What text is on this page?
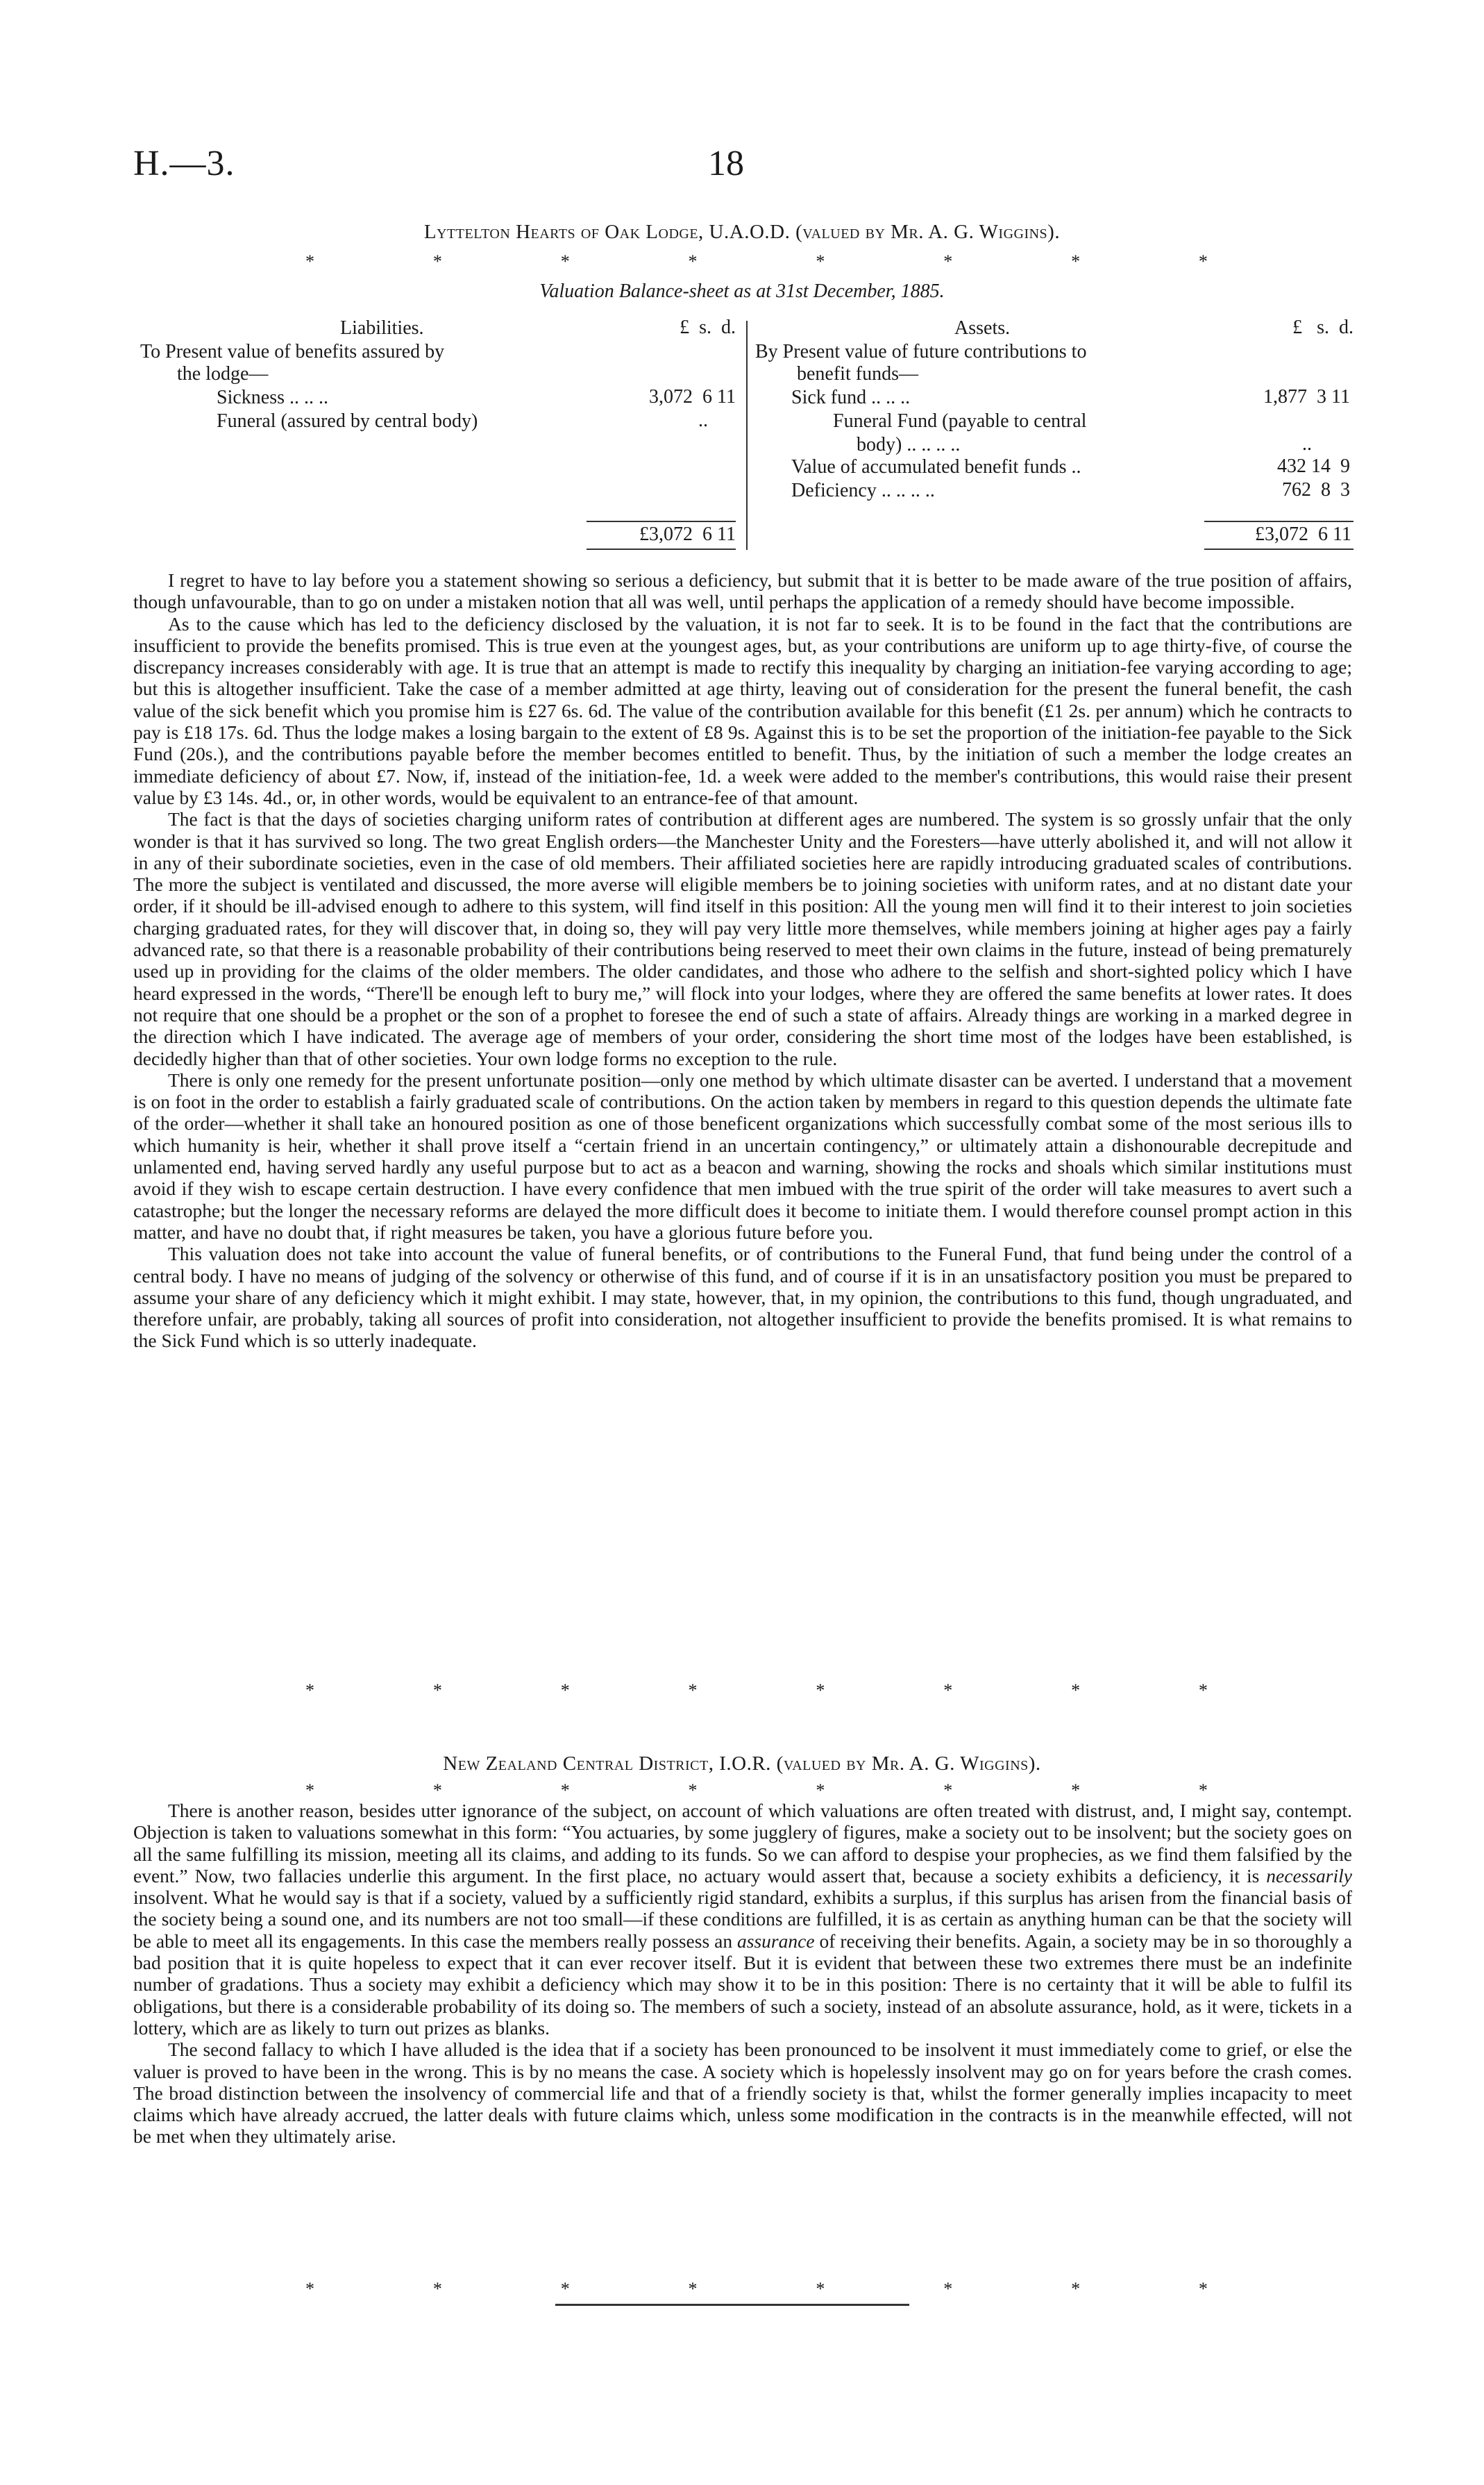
H.—3.	18
Lyttelton Hearts of Oak Lodge, U.A.O.D. (valued by Mr. A. G. Wiggins).
*	*	*	*	*	*	*	*
Valuation Balance-sheet as at 31st December, 1885.
Liabilities.	£  s.  d.
To Present value of benefits assured by
the lodge—
Sickness .. .. ..	3,072  6 11
Funeral (assured by central body)	..
£3,072  6 11
Assets.	£   s.  d.
By Present value of future contributions to
benefit funds—
Sick fund .. .. ..	1,877  3 11
Funeral Fund (payable to central
body) .. .. .. ..	..
Value of accumulated benefit funds ..	432 14  9
Deficiency .. .. .. ..	762  8  3
£3,072  6 11

I regret to have to lay before you a statement showing so serious a deficiency, but submit that it is better to be made aware of the true position of affairs, though unfavourable, than to go on under a mistaken notion that all was well, until perhaps the application of a remedy should have become impossible.

As to the cause which has led to the deficiency disclosed by the valuation, it is not far to seek. It is to be found in the fact that the contributions are insufficient to provide the benefits promised. This is true even at the youngest ages, but, as your contributions are uniform up to age thirty-five, of course the discrepancy increases considerably with age. It is true that an attempt is made to rectify this inequality by charging an initiation-fee varying according to age; but this is altogether insufficient. Take the case of a member admitted at age thirty, leaving out of consideration for the present the funeral benefit, the cash value of the sick benefit which you promise him is £27 6s. 6d. The value of the contribution available for this benefit (£1 2s. per annum) which he contracts to pay is £18 17s. 6d. Thus the lodge makes a losing bargain to the extent of £8 9s. Against this is to be set the proportion of the initiation-fee payable to the Sick Fund (20s.), and the contributions payable before the member becomes entitled to benefit. Thus, by the initiation of such a member the lodge creates an immediate deficiency of about £7. Now, if, instead of the initiation-fee, 1d. a week were added to the member's contributions, this would raise their present value by £3 14s. 4d., or, in other words, would be equivalent to an entrance-fee of that amount.

The fact is that the days of societies charging uniform rates of contribution at different ages are numbered. The system is so grossly unfair that the only wonder is that it has survived so long. The two great English orders—the Manchester Unity and the Foresters—have utterly abolished it, and will not allow it in any of their subordinate societies, even in the case of old members. Their affiliated societies here are rapidly introducing graduated scales of contributions. The more the subject is ventilated and discussed, the more averse will eligible members be to joining societies with uniform rates, and at no distant date your order, if it should be ill-advised enough to adhere to this system, will find itself in this position: All the young men will find it to their interest to join societies charging graduated rates, for they will discover that, in doing so, they will pay very little more themselves, while members joining at higher ages pay a fairly advanced rate, so that there is a reasonable probability of their contributions being reserved to meet their own claims in the future, instead of being prematurely used up in providing for the claims of the older members. The older candidates, and those who adhere to the selfish and short-sighted policy which I have heard expressed in the words, “There'll be enough left to bury me,” will flock into your lodges, where they are offered the same benefits at lower rates. It does not require that one should be a prophet or the son of a prophet to foresee the end of such a state of affairs. Already things are working in a marked degree in the direction which I have indicated. The average age of members of your order, considering the short time most of the lodges have been established, is decidedly higher than that of other societies. Your own lodge forms no exception to the rule.

There is only one remedy for the present unfortunate position—only one method by which ultimate disaster can be averted. I understand that a movement is on foot in the order to establish a fairly graduated scale of contributions. On the action taken by members in regard to this question depends the ultimate fate of the order—whether it shall take an honoured position as one of those beneficent organizations which successfully combat some of the most serious ills to which humanity is heir, whether it shall prove itself a “certain friend in an uncertain contingency,” or ultimately attain a dishonourable decrepitude and unlamented end, having served hardly any useful purpose but to act as a beacon and warning, showing the rocks and shoals which similar institutions must avoid if they wish to escape certain destruction. I have every confidence that men imbued with the true spirit of the order will take measures to avert such a catastrophe; but the longer the necessary reforms are delayed the more difficult does it become to initiate them. I would therefore counsel prompt action in this matter, and have no doubt that, if right measures be taken, you have a glorious future before you.

This valuation does not take into account the value of funeral benefits, or of contributions to the Funeral Fund, that fund being under the control of a central body. I have no means of judging of the solvency or otherwise of this fund, and of course if it is in an unsatisfactory position you must be prepared to assume your share of any deficiency which it might exhibit. I may state, however, that, in my opinion, the contributions to this fund, though ungraduated, and therefore unfair, are probably, taking all sources of profit into consideration, not altogether insufficient to provide the benefits promised. It is what remains to the Sick Fund which is so utterly inadequate.

*	*	*	*	*	*	*	*
New Zealand Central District, I.O.R. (valued by Mr. A. G. Wiggins).
*	*	*	*	*	*	*	*

There is another reason, besides utter ignorance of the subject, on account of which valuations are often treated with distrust, and, I might say, contempt. Objection is taken to valuations somewhat in this form: “You actuaries, by some jugglery of figures, make a society out to be insolvent; but the society goes on all the same fulfilling its mission, meeting all its claims, and adding to its funds. So we can afford to despise your prophecies, as we find them falsified by the event.” Now, two fallacies underlie this argument. In the first place, no actuary would assert that, because a society exhibits a deficiency, it is necessarily insolvent. What he would say is that if a society, valued by a sufficiently rigid standard, exhibits a surplus, if this surplus has arisen from the financial basis of the society being a sound one, and its numbers are not too small—if these conditions are fulfilled, it is as certain as anything human can be that the society will be able to meet all its engagements. In this case the members really possess an assurance of receiving their benefits. Again, a society may be in so thoroughly a bad position that it is quite hopeless to expect that it can ever recover itself. But it is evident that between these two extremes there must be an indefinite number of gradations. Thus a society may exhibit a deficiency which may show it to be in this position: There is no certainty that it will be able to fulfil its obligations, but there is a considerable probability of its doing so. The members of such a society, instead of an absolute assurance, hold, as it were, tickets in a lottery, which are as likely to turn out prizes as blanks.

The second fallacy to which I have alluded is the idea that if a society has been pronounced to be insolvent it must immediately come to grief, or else the valuer is proved to have been in the wrong. This is by no means the case. A society which is hopelessly insolvent may go on for years before the crash comes. The broad distinction between the insolvency of commercial life and that of a friendly society is that, whilst the former generally implies incapacity to meet claims which have already accrued, the latter deals with future claims which, unless some modification in the contracts is in the meanwhile effected, will not be met when they ultimately arise.

*	*	*	*	*	*	*	*
